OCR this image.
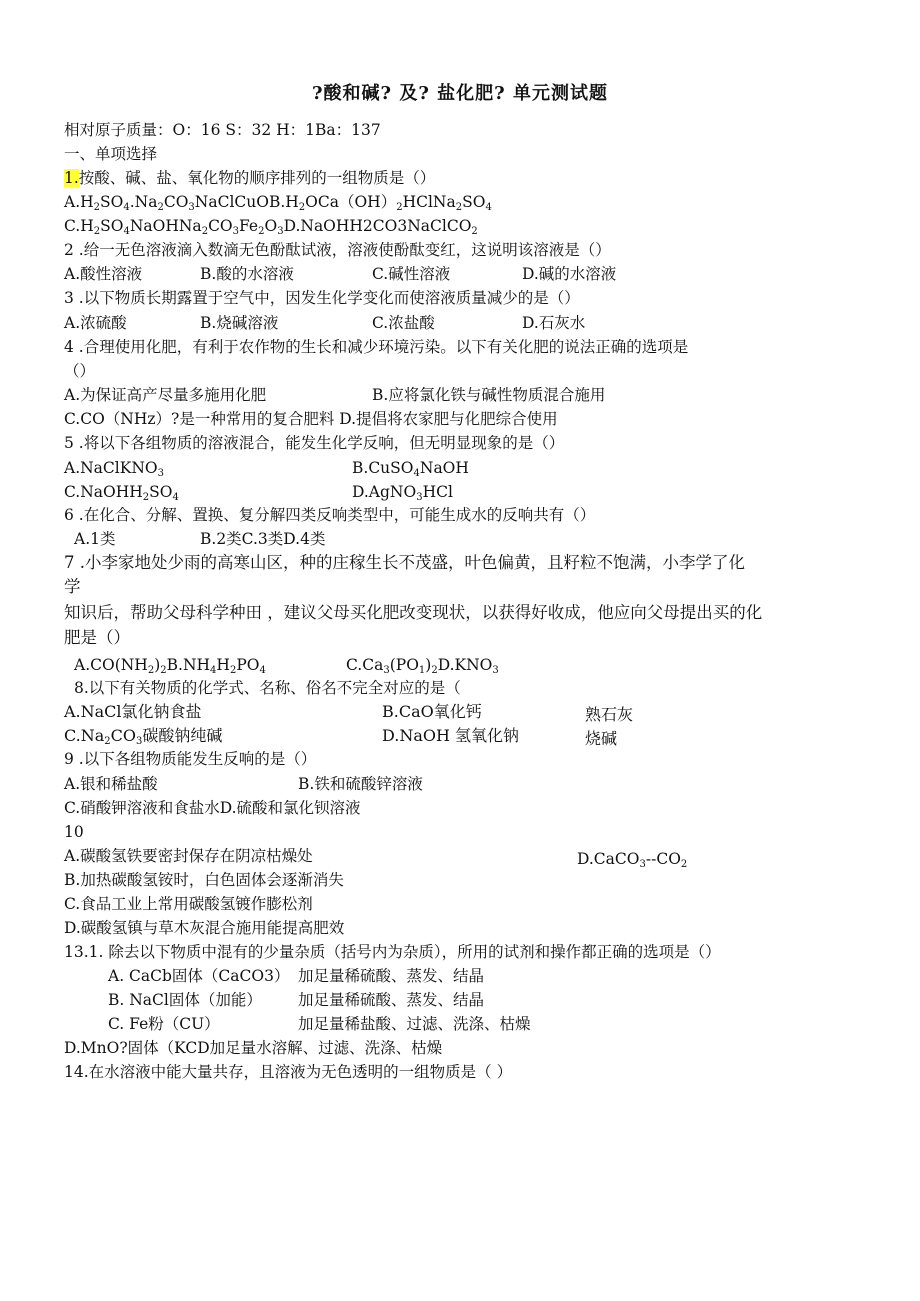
?酸和碱? 及? 盐化肥? 单元测试题
相对原子质量：O：16 S：32 H：1Ba：137
一、单项选择
1.按酸、碱、盐、氧化物的顺序排列的一组物质是（）
$A.H_2SO_4.Na_2CO_3NaClCuOB.H_2OCa(OH)_2HClNa_2SO_4$
$C.H_2SO_4NaOHNa_2CO_3Fe_2O_3D.NaOHH2CO3NaClCO_2$
2 .给一无色溶液滴入数滴无色酚酞试液，溶液使酚酞变红，这说明该溶液是（）
A.酸性溶液	B.酸的水溶液	C.碱性溶液	D.碱的水溶液
3 .以下物质长期露置于空气中，因发生化学变化而使溶液质量减少的是（）
A.浓硫酸	B.烧碱溶液	C.浓盐酸	D.石灰水
4 .合理使用化肥，有利于农作物的生长和减少环境污染。以下有关化肥的说法正确的选项是
（）
A.为保证高产尽量多施用化肥	B.应将氯化铁与碱性物质混合施用
C.CO（NHz）?是一种常用的复合肥料 D.提倡将农家肥与化肥综合使用
5 .将以下各组物质的溶液混合，能发生化学反响，但无明显现象的是（）
A.NaClKNO$_3$	B.CuSO$_4$NaOH
$C.NaOHH_2SO_4$	D.AgNO$_3$HCl
6 .在化合、分解、置换、复分解四类反响类型中，可能生成水的反响共有（）
A.1类	B.2类C.3类D.4类
7 .小李家地处少雨的高寒山区，种的庄稼生长不茂盛，叶色偏黄，且籽粒不饱满，小李学了化
学
知识后，帮助父母科学种田 ，建议父母买化肥改变现状，以获得好收成，他应向父母提出买的化
肥是（）
$A.CO(NH_2)_2B.NH_4H_2PO_4$	$C.Ca_3(PO_1)_2D.KNO_3$
8.以下有关物质的化学式、名称、俗名不完全对应的是（
A.NaCl氯化钠食盐	B.CaO氧化钙	熟石灰
$C.Na_2CO_3$碳酸钠纯碱	D.NaOH 氢氧化钠	烧碱
9 .以下各组物质能发生反响的是（）
A.银和稀盐酸	B.铁和硫酸锌溶液
C.硝酸钾溶液和食盐水D.硫酸和氯化钡溶液
10
A.碳酸氢铁要密封保存在阴凉枯燥处	$D.CaCO_3--CO_2$
B.加热碳酸氢铵时，白色固体会逐渐消失
C.食品工业上常用碳酸氢镀作膨松剂
D.碳酸氢镇与草木灰混合施用能提高肥效
13.1. 除去以下物质中混有的少量杂质（括号内为杂质），所用的试剂和操作都正确的选项是（）
A. CaCb固体（CaCO3） 加足量稀硫酸、蒸发、结晶
B. NaCl固体（加能） 加足量稀硫酸、蒸发、结晶
C. Fe粉（CU）	加足量稀盐酸、过滤、洗涤、枯燥
D.MnO?固体（KCD加足量水溶解、过滤、洗涤、枯燥
14.在水溶液中能大量共存，且溶液为无色透明的一组物质是（ ）
